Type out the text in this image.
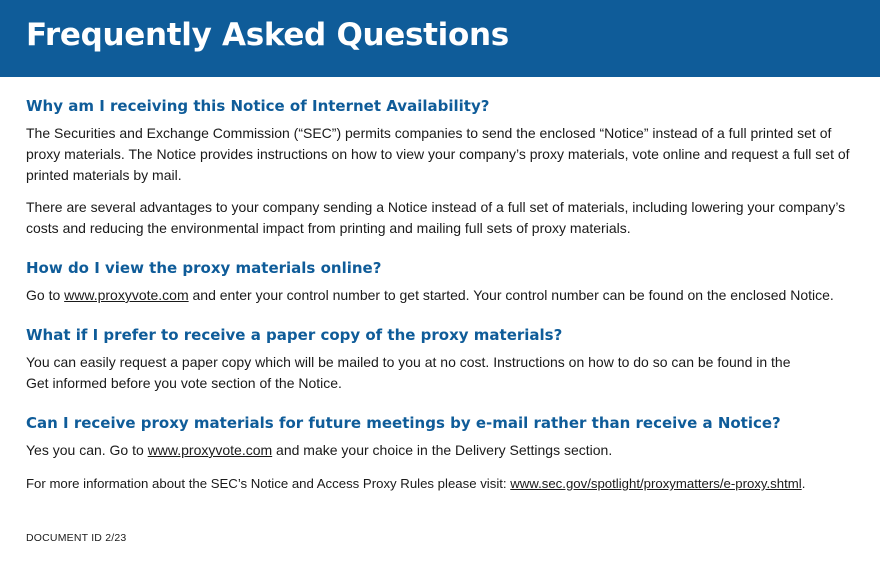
Frequently Asked Questions
Why am I receiving this Notice of Internet Availability?

The Securities and Exchange Commission (“SEC”) permits companies to send the enclosed “Notice” instead of a full printed set of proxy materials. The Notice provides instructions on how to view your company’s proxy materials, vote online and request a full set of printed materials by mail.

There are several advantages to your company sending a Notice instead of a full set of materials, including lowering your company’s costs and reducing the environmental impact from printing and mailing full sets of proxy materials.

How do I view the proxy materials online?

Go to www.proxyvote.com and enter your control number to get started. Your control number can be found on the enclosed Notice.

What if I prefer to receive a paper copy of the proxy materials?

You can easily request a paper copy which will be mailed to you at no cost. Instructions on how to do so can be found in the
Get informed before you vote section of the Notice.

Can I receive proxy materials for future meetings by e-mail rather than receive a Notice?

Yes you can. Go to www.proxyvote.com and make your choice in the Delivery Settings section.

For more information about the SEC’s Notice and Access Proxy Rules please visit: www.sec.gov/spotlight/proxymatters/e-proxy.shtml.

DOCUMENT ID 2/23
